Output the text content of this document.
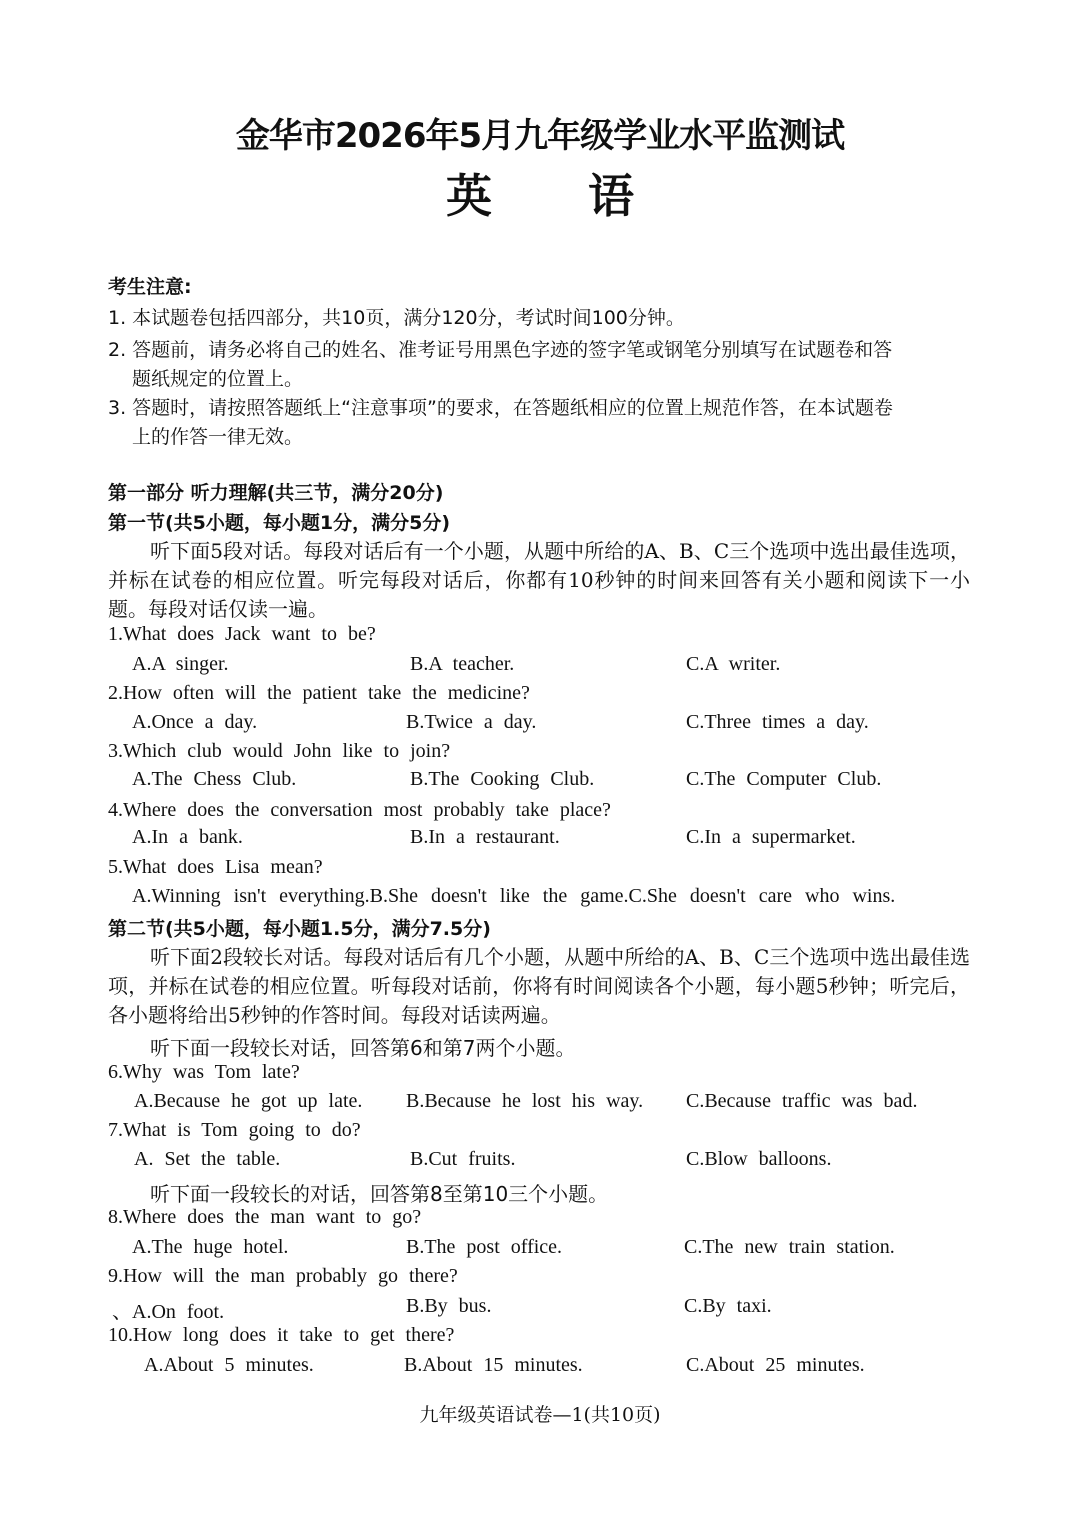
金华市2026年5月九年级学业水平监测试
英 语
考生注意:
1. 本试题卷包括四部分，共10页，满分120分，考试时间100分钟。
2. 答题前，请务必将自己的姓名、准考证号用黑色字迹的签字笔或钢笔分别填写在试题卷和答
题纸规定的位置上。
3. 答题时，请按照答题纸上“注意事项”的要求，在答题纸相应的位置上规范作答，在本试题卷
上的作答一律无效。
第一部分 听力理解(共三节，满分20分)
第一节(共5小题，每小题1分，满分5分)
听下面5段对话。每段对话后有一个小题，从题中所给的A、B、C三个选项中选出最佳选项，并标在试卷的相应位置。听完每段对话后，你都有10秒钟的时间来回答有关小题和阅读下一小题。每段对话仅读一遍。
1.What does Jack want to be?
A.A singer.	B.A teacher.	C.A writer.
2.How often will the patient take the medicine?
A.Once a day.	B.Twice a day.	C.Three times a day.
3.Which club would John like to join?
A.The Chess Club.	B.The Cooking Club.	C.The Computer Club.
4.Where does the conversation most probably take place?
A.In a bank.	B.In a restaurant.	C.In a supermarket.
5.What does Lisa mean?
A.Winning isn't everything.B.She doesn't like the game.C.She doesn't care who wins.
第二节(共5小题，每小题1.5分，满分7.5分)
听下面2段较长对话。每段对话后有几个小题，从题中所给的A、B、C三个选项中选出最佳选项，并标在试卷的相应位置。听每段对话前，你将有时间阅读各个小题，每小题5秒钟；听完后，各小题将给出5秒钟的作答时间。每段对话读两遍。
听下面一段较长对话，回答第6和第7两个小题。
6.Why was Tom late?
A.Because he got up late. B.Because he lost his way. C.Because traffic was bad.
7.What is Tom going to do?
A. Set the table.	B.Cut fruits.	C.Blow balloons.
听下面一段较长的对话，回答第8至第10三个小题。
8.Where does the man want to go?
A.The huge hotel.	B.The post office.	C.The new train station.
9.How will the man probably go there?
、A.On foot.	B.By bus.	C.By taxi.
10.How long does it take to get there?
A.About 5 minutes.	B.About 15 minutes.	C.About 25 minutes.
九年级英语试卷—1(共10页)
